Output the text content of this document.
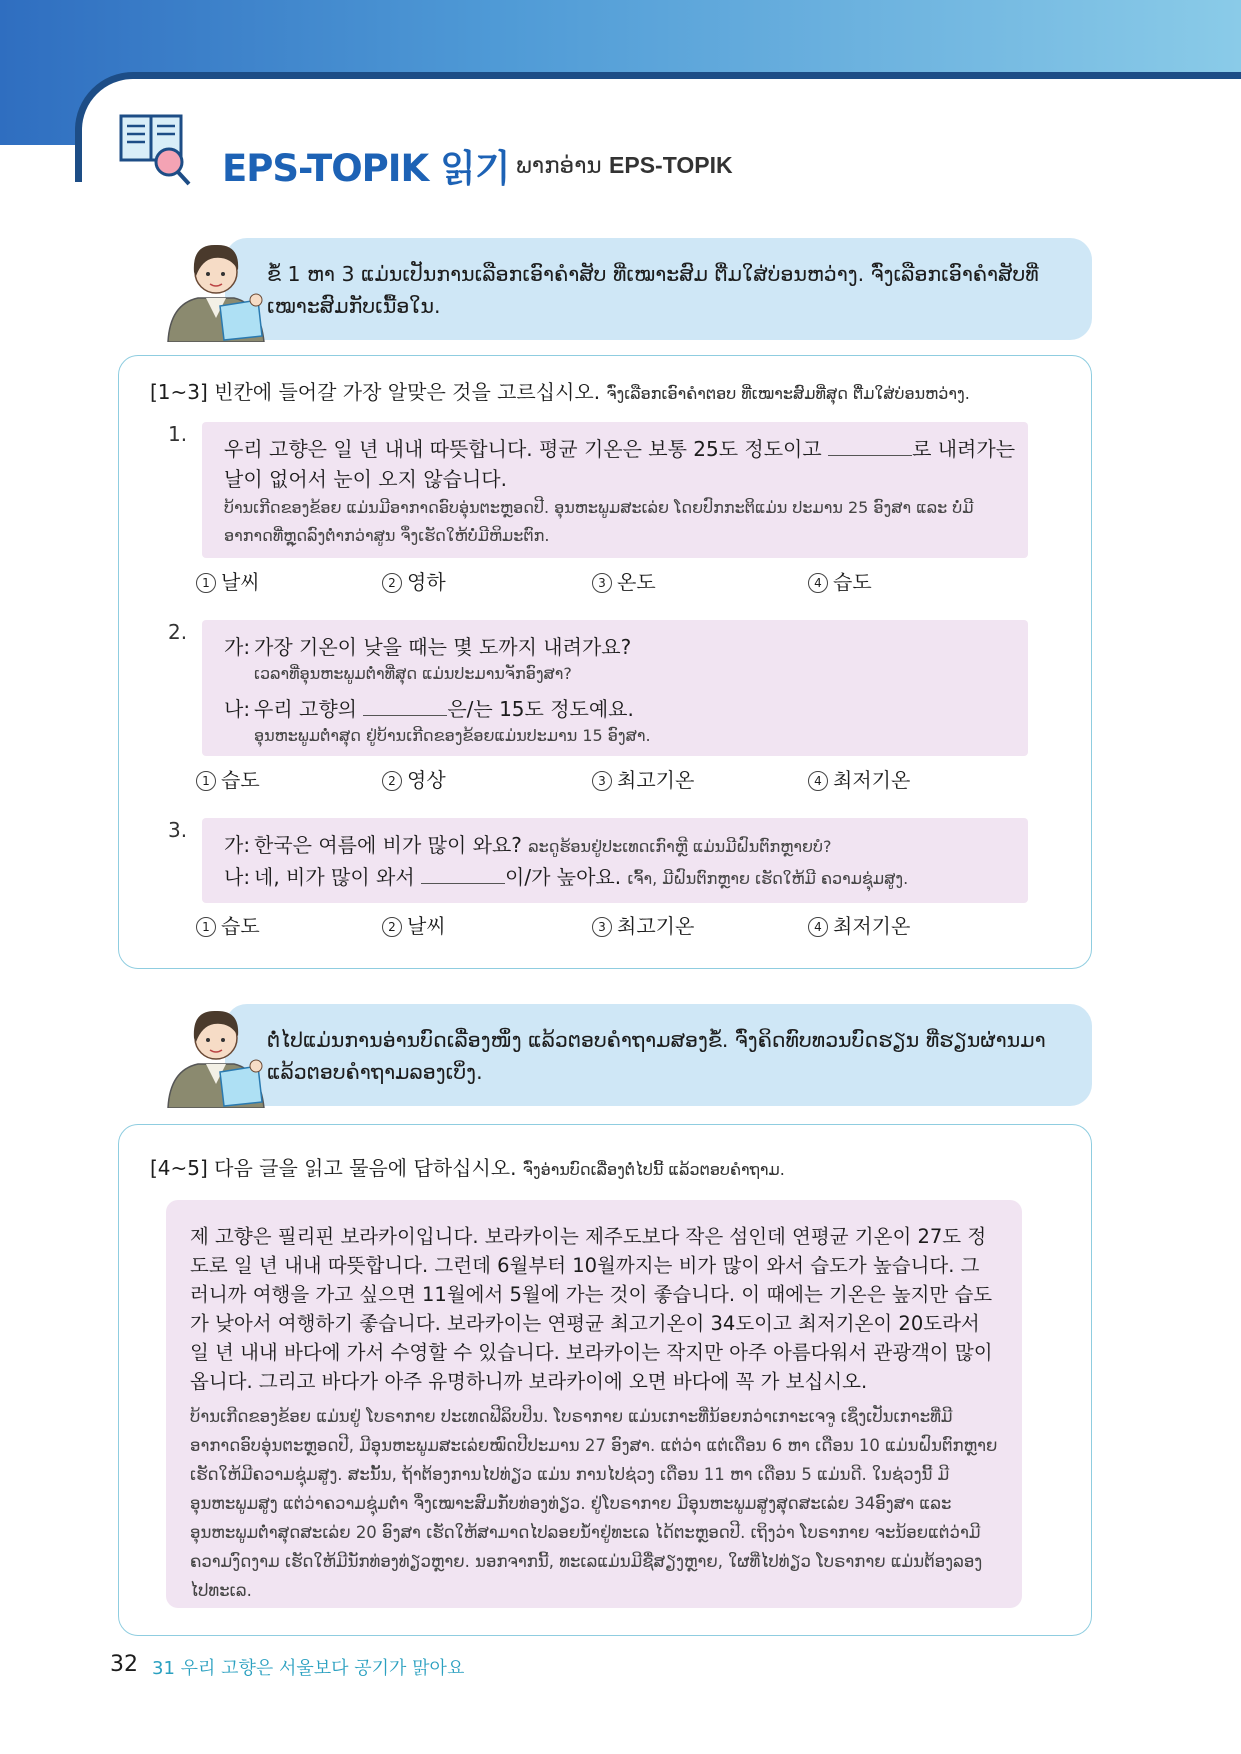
EPS-TOPIK 읽기 ພາກອ່ານ EPS-TOPIK
ຂໍ້ 1 ຫາ 3 ແມ່ນເປັນການເລືອກເອົາຄຳສັບ ທີ່ເໝາະສົມ ຕື່ມໃສ່ບ່ອນຫວ່າງ. ຈົ່ງເລືອກເອົາຄຳສັບທີ່ເໝາະສົມກັບເນື້ອໃນ.
[1~3] 빈칸에 들어갈 가장 알맞은 것을 고르십시오. ຈົ່ງເລືອກເອົາຄຳຕອບ ທີ່ເໝາະສົມທີ່ສຸດ ຕື່ມໃສ່ບ່ອນຫວ່າງ.
1.
우리 고향은 일 년 내내 따뜻합니다. 평균 기온은 보통 25도 정도이고	로 내려가는 날이 없어서 눈이 오지 않습니다.
ບ້ານເກີດຂອງຂ້ອຍ ແມ່ນມີອາກາດອົບອຸ່ນຕະຫຼອດປີ. ອຸນຫະພູມສະເລ່ຍ ໂດຍປົກກະຕິແມ່ນ ປະມານ 25 ອົງສາ ແລະ ບໍ່ມີອາກາດທີ່ຫຼຸດລົງຕໍ່າກວ່າສູນ ຈຶ່ງເຮັດໃຫ້ບໍ່ມີຫິມະຕົກ.
1 날씨	2 영하	3 온도	4 습도
2.
가: 가장 기온이 낮을 때는 몇 도까지 내려가요?
ເວລາທີ່ອຸນຫະພູມຕໍ່າທີ່ສຸດ ແມ່ນປະມານຈັກອົງສາ?
나: 우리 고향의	은/는 15도 정도예요.
ອຸນຫະພູມຕໍ່າສຸດ ຢູ່ບ້ານເກີດຂອງຂ້ອຍແມ່ນປະມານ 15 ອົງສາ.
1 습도	2 영상	3 최고기온	4 최저기온
3.
가: 한국은 여름에 비가 많이 와요? ລະດູຮ້ອນຢູ່ປະເທດເກົາຫຼີ ແມ່ນມີຝົນຕົກຫຼາຍບໍ?
나: 네, 비가 많이 와서	이/가 높아요. ເຈົ້າ, ມີຝົນຕົກຫຼາຍ ເຮັດໃຫ້ມີ ຄວາມຊຸ່ມສູງ.
1 습도	2 날씨	3 최고기온	4 최저기온
ຕໍ່ໄປແມ່ນການອ່ານບົດເລື່ອງໜຶ່ງ ແລ້ວຕອບຄຳຖາມສອງຂໍ້. ຈົ່ງຄິດທົບທວນບົດຮຽນ ທີ່ຮຽນຜ່ານມາ ແລ້ວຕອບຄຳຖາມລອງເບິ່ງ.
[4~5] 다음 글을 읽고 물음에 답하십시오. ຈົ່ງອ່ານບົດເລື່ອງຕໍ່ໄປນີ້ ແລ້ວຕອບຄຳຖາມ.
제 고향은 필리핀 보라카이입니다. 보라카이는 제주도보다 작은 섬인데 연평균 기온이 27도 정도로 일 년 내내 따뜻합니다. 그런데 6월부터 10월까지는 비가 많이 와서 습도가 높습니다. 그러니까 여행을 가고 싶으면 11월에서 5월에 가는 것이 좋습니다. 이 때에는 기온은 높지만 습도가 낮아서 여행하기 좋습니다. 보라카이는 연평균 최고기온이 34도이고 최저기온이 20도라서 일 년 내내 바다에 가서 수영할 수 있습니다. 보라카이는 작지만 아주 아름다워서 관광객이 많이 옵니다. 그리고 바다가 아주 유명하니까 보라카이에 오면 바다에 꼭 가 보십시오.
ບ້ານເກີດຂອງຂ້ອຍ ແມ່ນຢູ່ ໂບຣາກາຍ ປະເທດຟີລິບປິນ. ໂບຣາກາຍ ແມ່ນເກາະທີ່ນ້ອຍກວ່າເກາະເຈຈູ ເຊິ່ງເປັນເກາະທີ່ມີອາກາດອົບອຸ່ນຕະຫຼອດປີ, ມີອຸນຫະພູມສະເລ່ຍໝົດປີປະມານ 27 ອົງສາ. ແຕ່ວ່າ ແຕ່ເດືອນ 6 ຫາ ເດືອນ 10 ແມ່ນຝົນຕົກຫຼາຍ ເຮັດໃຫ້ມີຄວາມຊຸ່ມສູງ. ສະນັ້ນ, ຖ້າຕ້ອງການໄປທ່ຽວ ແມ່ນ ການໄປຊ່ວງ ເດືອນ 11 ຫາ ເດືອນ 5 ແມ່ນດີ. ໃນຊ່ວງນີ້ ມີອຸນຫະພູມສູງ ແຕ່ວ່າຄວາມຊຸ່ມຕໍ່າ ຈຶ່ງເໝາະສົມກັບທ່ອງທ່ຽວ. ຢູ່ໂບຣາກາຍ ມີອຸນຫະພູມສູງສຸດສະເລ່ຍ 34ອົງສາ ແລະ ອຸນຫະພູມຕໍ່າສຸດສະເລ່ຍ 20 ອົງສາ ເຮັດໃຫ້ສາມາດໄປລອຍນ້ຳຢູ່ທະເລ ໄດ້ຕະຫຼອດປີ. ເຖິງວ່າ ໂບຣາກາຍ ຈະນ້ອຍແຕ່ວ່າມີຄວາມງົດງາມ ເຮັດໃຫ້ມີນັກທ່ອງທ່ຽວຫຼາຍ. ນອກຈາກນີ້, ທະເລແມ່ນມີຊື່ສຽງຫຼາຍ, ໃຜທີ່ໄປທ່ຽວ ໂບຣາກາຍ ແມ່ນຕ້ອງລອງໄປທະເລ.
32 31 우리 고향은 서울보다 공기가 맑아요
